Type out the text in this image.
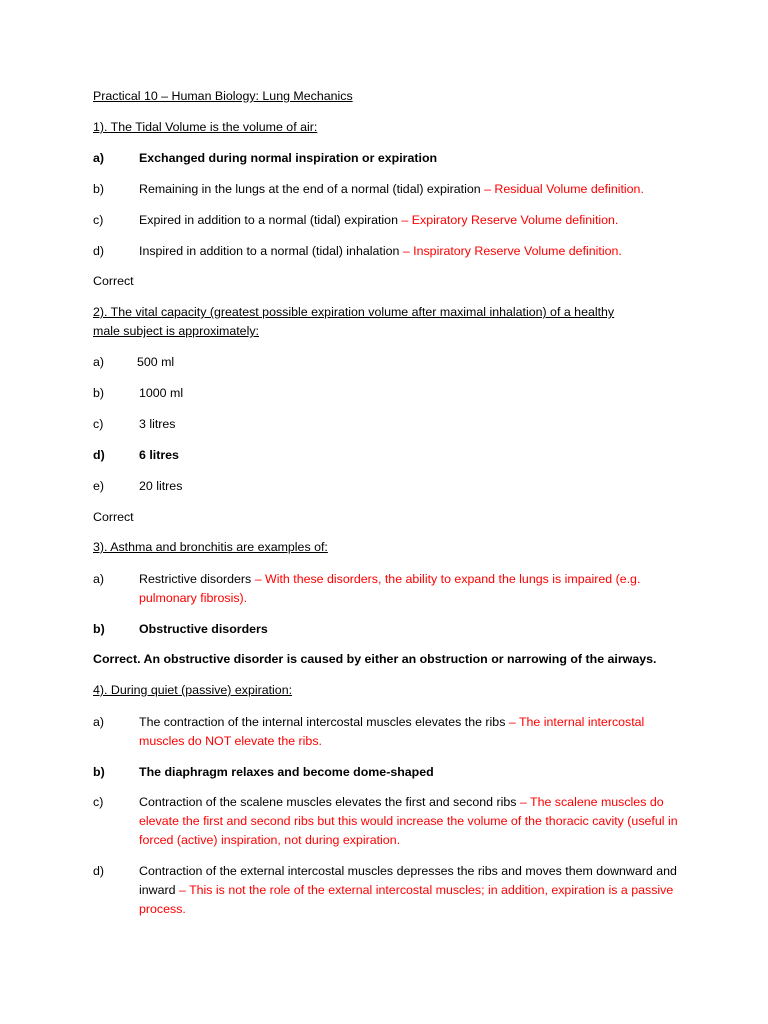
Practical 10 – Human Biology: Lung Mechanics
1). The Tidal Volume is the volume of air:
a)	Exchanged during normal inspiration or expiration
b)	Remaining in the lungs at the end of a normal (tidal) expiration – Residual Volume definition.
c)	Expired in addition to a normal (tidal) expiration – Expiratory Reserve Volume definition.
d)	Inspired in addition to a normal (tidal) inhalation – Inspiratory Reserve Volume definition.
Correct
2). The vital capacity (greatest possible expiration volume after maximal inhalation) of a healthy
male subject is approximately:
a)	500 ml
b)	1000 ml
c)	3 litres
d)	6 litres
e)	20 litres
Correct
3). Asthma and bronchitis are examples of:
a)	Restrictive disorders – With these disorders, the ability to expand the lungs is impaired (e.g. pulmonary fibrosis).
b)	Obstructive disorders
Correct. An obstructive disorder is caused by either an obstruction or narrowing of the airways.
4). During quiet (passive) expiration:
a)	The contraction of the internal intercostal muscles elevates the ribs – The internal intercostal muscles do NOT elevate the ribs.
b)	The diaphragm relaxes and become dome-shaped
c)	Contraction of the scalene muscles elevates the first and second ribs – The scalene muscles do elevate the first and second ribs but this would increase the volume of the thoracic cavity (useful in forced (active) inspiration, not during expiration.
d)	Contraction of the external intercostal muscles depresses the ribs and moves them downward and inward – This is not the role of the external intercostal muscles; in addition, expiration is a passive process.
